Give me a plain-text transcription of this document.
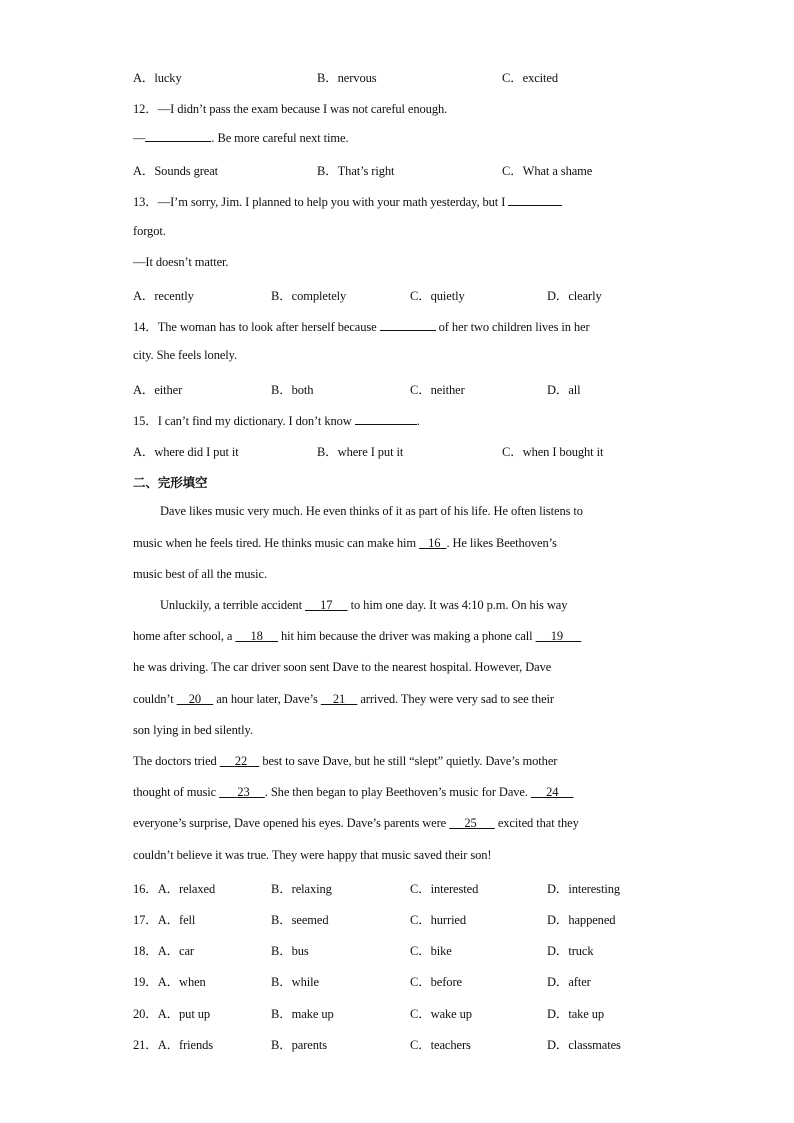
A．lucky	B．nervous	C．excited
12．—I didn’t pass the exam because I was not careful enough.
—	. Be more careful next time.
A．Sounds great	B．That’s right	C．What a shame
13．—I’m sorry, Jim. I planned to help you with your math yesterday, but I
forgot.
—It doesn’t matter.
A．recently	B．completely	C．quietly	D．clearly
14．The woman has to look after herself because	of her two children lives in her
city. She feels lonely.
A．either	B．both	C．neither	D．all
15．I can’t find my dictionary. I don’t know	.
A．where did I put it	B．where I put it	C．when I bought it
二、完形填空
Dave likes music very much. He even thinks of it as part of his life. He often listens to
music when he feels tired. He thinks music can make him 16 . He likes Beethoven’s
music best of all the music.
Unluckily, a terrible accident 17 to him one day. It was 4:10 p.m. On his way
home after school, a 18 hit him because the driver was making a phone call 19
he was driving. The car driver soon sent Dave to the nearest hospital. However, Dave
couldn’t 20 an hour later, Dave’s 21 arrived. They were very sad to see their
son lying in bed silently.
The doctors tried 22 best to save Dave, but he still “slept” quietly. Dave’s mother
thought of music 23 . She then began to play Beethoven’s music for Dave. 24
everyone’s surprise, Dave opened his eyes. Dave’s parents were 25 excited that they
couldn’t believe it was true. They were happy that music saved their son!
16．A．relaxed	B．relaxing	C．interested	D．interesting
17．A．fell	B．seemed	C．hurried	D．happened
18．A．car	B．bus	C．bike	D．truck
19．A．when	B．while	C．before	D．after
20．A．put up	B．make up	C．wake up	D．take up
21．A．friends	B．parents	C．teachers	D．classmates
